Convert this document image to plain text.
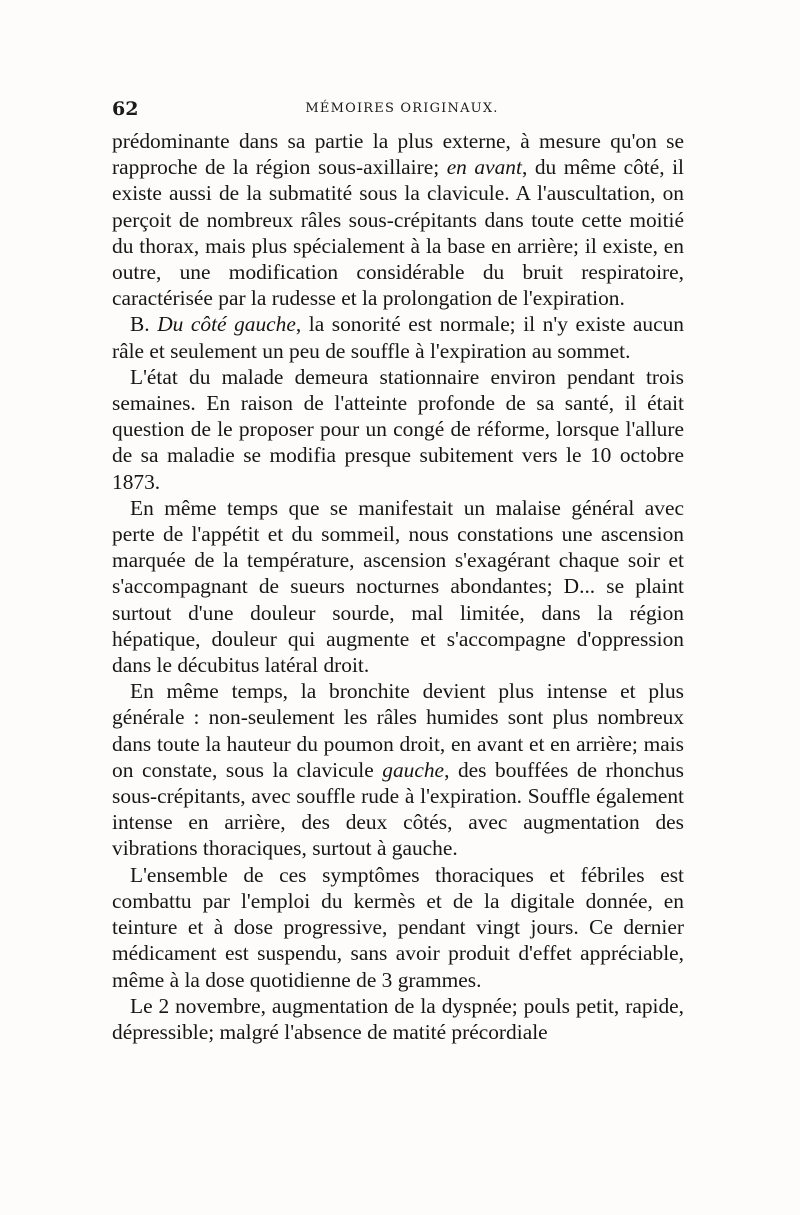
62	MÉMOIRES ORIGINAUX.

prédominante dans sa partie la plus externe, à mesure qu'on se rapproche de la région sous-axillaire; en avant, du même côté, il existe aussi de la submatité sous la clavicule. A l'auscultation, on perçoit de nombreux râles sous-crépitants dans toute cette moitié du thorax, mais plus spécialement à la base en arrière; il existe, en outre, une modification considérable du bruit respiratoire, caractérisée par la rudesse et la prolongation de l'expiration.

B. Du côté gauche, la sonorité est normale; il n'y existe aucun râle et seulement un peu de souffle à l'expiration au sommet.

L'état du malade demeura stationnaire environ pendant trois semaines. En raison de l'atteinte profonde de sa santé, il était question de le proposer pour un congé de réforme, lorsque l'allure de sa maladie se modifia presque subitement vers le 10 octobre 1873.

En même temps que se manifestait un malaise général avec perte de l'appétit et du sommeil, nous constations une ascension marquée de la température, ascension s'exagérant chaque soir et s'accompagnant de sueurs nocturnes abondantes; D... se plaint surtout d'une douleur sourde, mal limitée, dans la région hépatique, douleur qui augmente et s'accompagne d'oppression dans le décubitus latéral droit.

En même temps, la bronchite devient plus intense et plus générale : non-seulement les râles humides sont plus nombreux dans toute la hauteur du poumon droit, en avant et en arrière; mais on constate, sous la clavicule gauche, des bouffées de rhonchus sous-crépitants, avec souffle rude à l'expiration. Souffle également intense en arrière, des deux côtés, avec augmentation des vibrations thoraciques, surtout à gauche.

L'ensemble de ces symptômes thoraciques et fébriles est combattu par l'emploi du kermès et de la digitale donnée, en teinture et à dose progressive, pendant vingt jours. Ce dernier médicament est suspendu, sans avoir produit d'effet appréciable, même à la dose quotidienne de 3 grammes.

Le 2 novembre, augmentation de la dyspnée; pouls petit, rapide, dépressible; malgré l'absence de matité précordiale
